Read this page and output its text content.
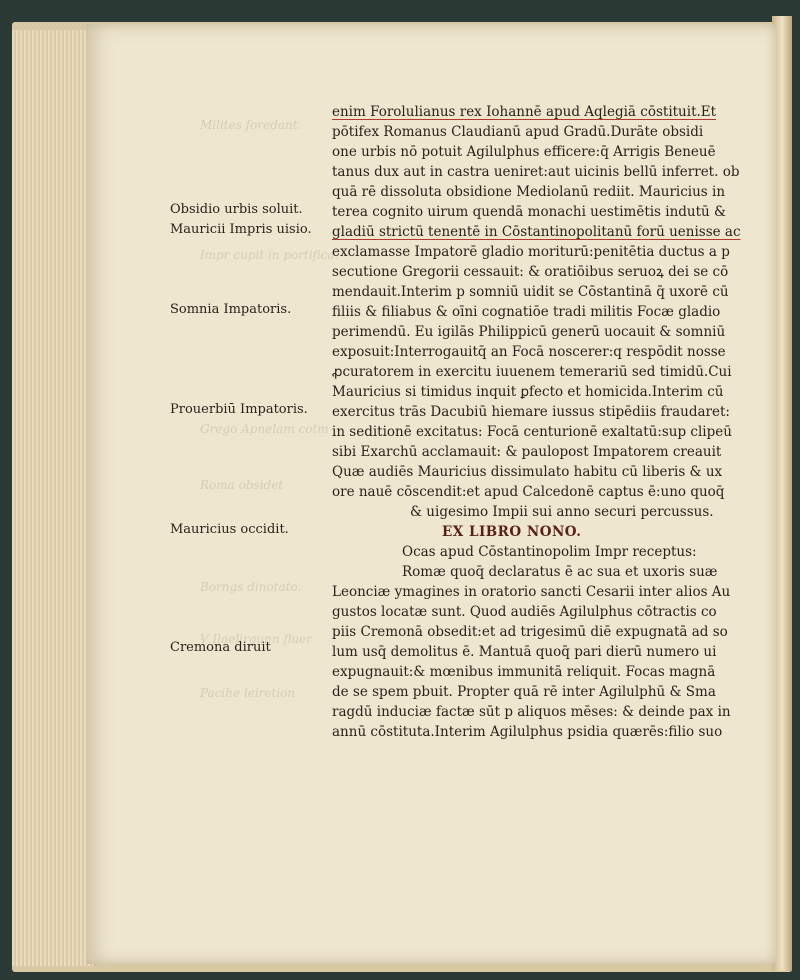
Milites foredant.
Impr cupit in portifica.
Grego Apnelam cotm
Roma obsidet
Borngs dinotato.
V Ilaelirgunn fluer
Pacihe leiretion
Obsidio urbis soluit.
Mauricii Impris uisio.
Somnia Impatoris.
Prouerbiū Impatoris.
Mauricius occidit.
Cremona diruit
enim Forolulianus rex Iohannē apud Aqlegiā cōstituit.Et
pōtifex Romanus Claudianū apud Gradū.Durāte obsidi
one urbis nō potuit Agilulphus efficere:q̄ Arrigis Beneuē
tanus dux aut in castra ueniret:aut uicinis bellū inferret. ob
quā rē dissoluta obsidione Mediolanū rediit. Mauricius in
terea cognito uirum quendā monachi uestimētis indutū &
gladiū strictū tenentē in Cōstantinopolitanū forū uenisse ac
exclamasse Impatorē gladio moriturū:penitētia ductus a p
secutione Gregorii cessauit: & oratiōibus seruoꝝ dei se cō
mendauit.Interim p somniū uidit se Cōstantinā q̄ uxorē cū
filiis & filiabus & oīni cognatiōe tradi militis Focæ gladio
perimendū. Eu igilās Philippicū generū uocauit & somniū
exposuit:Interrogauitq̄ an Focā noscerer:q respōdit nosse
ꝓcuratorem in exercitu iuuenem temerariū sed timidū.Cui
Mauricius si timidus inquit ꝑfecto et homicida.Interim cū
exercitus trās Dacubiū hiemare iussus stipēdiis fraudaret:
in seditionē excitatus: Focā centurionē exaltatū:sup clipeū
sibi Exarchū acclamauit: & paulopost Impatorem creauit
Quæ audiēs Mauricius dissimulato habitu cū liberis & ux
ore nauē cōscendit:et apud Calcedonē captus ē:uno quoq̄
& uigesimo Impii sui anno securi percussus.
EX LIBRO NONO.
Ocas apud Cōstantinopolim Impr receptus:
Romæ quoq̄ declaratus ē ac sua et uxoris suæ
Leonciæ ymagines in oratorio sancti Cesarii inter alios Au
gustos locatæ sunt. Quod audiēs Agilulphus cōtractis co
piis Cremonā obsedit:et ad trigesimū diē expugnatā ad so
lum usq̄ demolitus ē. Mantuā quoq̄ pari dierū numero ui
expugnauit:& mœnibus immunitā reliquit. Focas magnā
de se spem pbuit. Propter quā rē inter Agilulphū & Sma
ragdū induciæ factæ sūt p aliquos mēses: & deinde pax in
annū cōstituta.Interim Agilulphus psidia quærēs:filio suo
